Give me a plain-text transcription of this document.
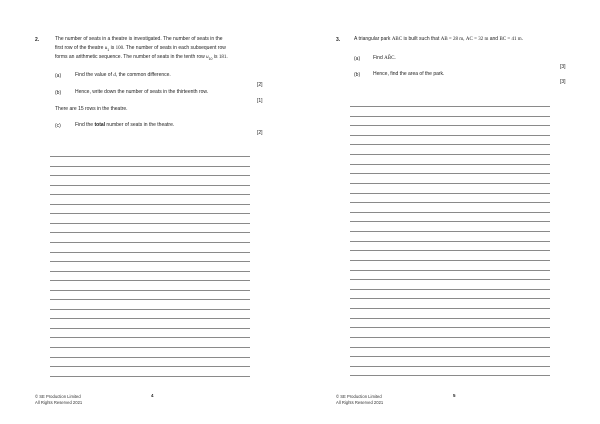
2.	The number of seats in a theatre is investigated. The number of seats in the
first row of the theatre $u_1$ is 100. The number of seats in each subsequent row
forms an arithmetic sequence. The number of seats in the tenth row $u_{10}$ is 181.
(a)	Find the value of d, the common difference.
[2]
(b)	Hence, write down the number of seats in the thirteenth row.
[1]
There are 15 rows in the theatre.
(c)	Find the total number of seats in the theatre.
[2]
© SE Production Limited
All Rights Reserved 2021
4
3.	A triangular park ABC is built such that AB = 28 m, AC = 32 m and BC = 41 m.
(a)	Find AB̂C.
[3]
(b)	Hence, find the area of the park.
[3]
© SE Production Limited
All Rights Reserved 2021
5
